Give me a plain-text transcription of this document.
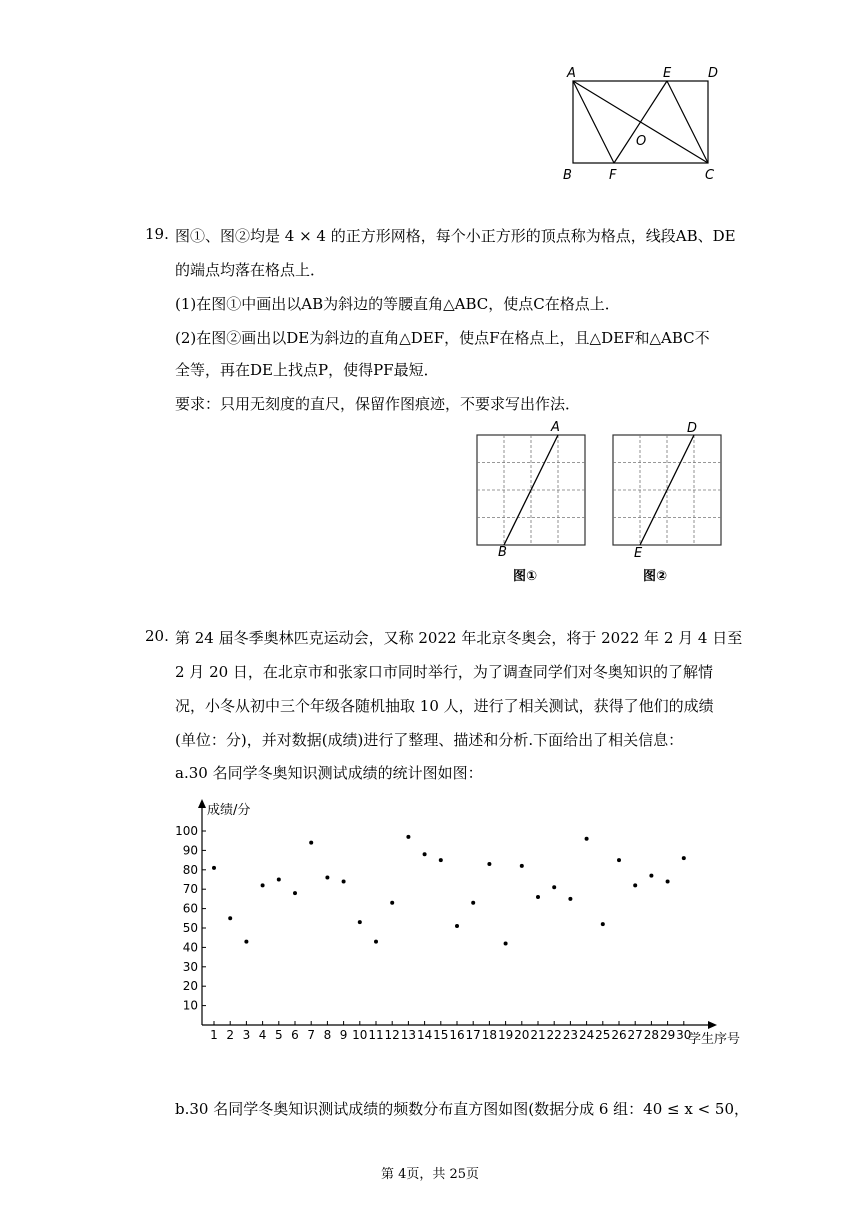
A	E	D
O
B	F	C
19. 图①、图②均是 4 × 4 的正方形网格，每个小正方形的顶点称为格点，线段AB、DE
的端点均落在格点上．
(1)在图①中画出以AB为斜边的等腰直角△ABC，使点C在格点上．
(2)在图②画出以DE为斜边的直角△DEF，使点F在格点上，且△DEF和△ABC不
全等，再在DE上找点P，使得PF最短．
要求：只用无刻度的直尺，保留作图痕迹，不要求写出作法．
A
B
图①
D
E
图②
20. 第 24 届冬季奥林匹克运动会，又称 2022 年北京冬奥会，将于 2022 年 2 月 4 日至
2 月 20 日，在北京市和张家口市同时举行，为了调查同学们对冬奥知识的了解情
况，小冬从初中三个年级各随机抽取 10 人，进行了相关测试，获得了他们的成绩
(单位：分)，并对数据(成绩)进行了整理、描述和分析.下面给出了相关信息：
a.30 名同学冬奥知识测试成绩的统计图如图：
成绩/分
学生序号
10
20
30
40
50
60
70
80
90
100
1 2 3 4 5 6 7 8 9 10 11 12 13 14 15 16 17 18 19 20 21 22 23 24 25 26 27 28 29 30
b.30 名同学冬奥知识测试成绩的频数分布直方图如图(数据分成 6 组：40 ≤ x < 50，
第 4页，共 25页
